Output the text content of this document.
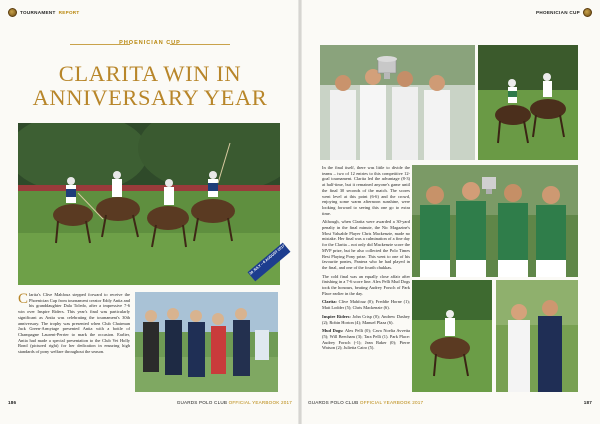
TOURNAMENT REPORT
PHOENICIAN CUP
CLARITA WIN IN
ANNIVERSARY YEAR
30 JULY – 6 AUGUST 2017
Clarita's Clive Mahfouz stepped forward to receive the Phoenician Cup from tournament creator Eddy Antia and his granddaughter Dala Toledo, after a impressive 7-6 win over Inspire Riders. This year's final was particularly significant as Antia was celebrating the tournament's 30th anniversary. The trophy was presented when Club Chairman Jack Green-Armytage presented Antia with a bottle of Champagne Laurent-Perrier to mark the occasion. Earlier, Antia had made a special presentation to the Club Vet Holly Bond (pictured right) for her dedication in ensuring high standards of pony welfare throughout the season.
186	GUARDS POLO CLUB OFFICIAL YEARBOOK 2017
PHOENICIAN CUP

In the final itself, there was little to divide the teams – two of 12 entries to this competitive 12-goal tournament. Clarita led the advantage (8-3) at half-time, but it remained anyone's game until the final 30 seconds of the match. The scores went level at this point (6-6) and the crowd, enjoying some warm afternoon sunshine, were looking forward to seeing this one go to extra time.

Although, when Clarita were awarded a 30-yard penalty in the final minute, the Nic Magazine's Most Valuable Player Chris Mackenzie, made no mistake. Her final was a culmination of a fine day for the Clarita – not only did Mackenzie score the MVP prize, but he also collected the Polo Times Best Playing Pony prize. This went to one of his favourite ponies, Pantera who he had played in the final, and one of the fourth chukkas.

The cold final was an equally close affair after finishing in a 7-6 score line. Alex Pelli Mud Dogs took the honours, beating Audrey Forsch of Park Place earlier in the day.

Clarita: Clive Mahfouz (0); Freddie Horne (1); Matt Lodder (5); Chris Mackenzie (6).

Inspire Riders: John Crisp (0); Andrew Dashey (2); Robin Horton (4); Manuel Plaza (6).

Mud Dogs: Alex Pelli (0); Cava Noelia Avvetta (5); Will Beecham (3); Tara Pelli (1). Park Place: Audrey Forsch (-1); Jean Baker (0); Pierre Watson (2); Julietta Cairo (5).

GUARDS POLO CLUB OFFICIAL YEARBOOK 2017	187
